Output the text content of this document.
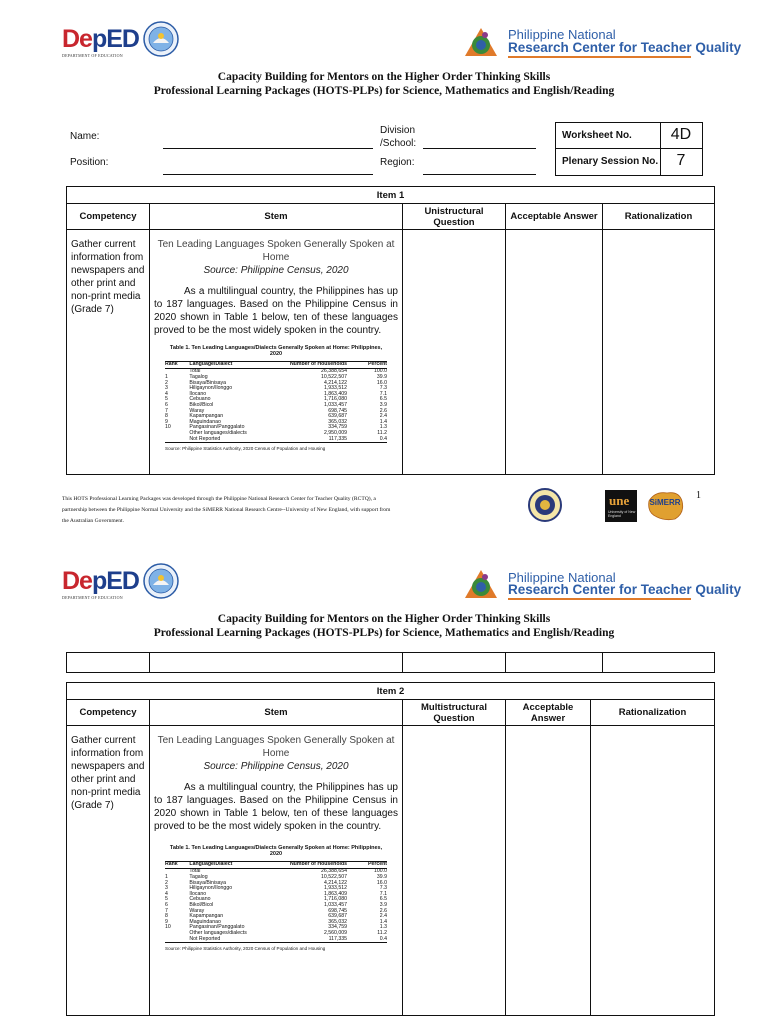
DepED
DEPARTMENT OF EDUCATION
Philippine National
Research Center for Teacher Quality
Capacity Building for Mentors on the Higher Order Thinking Skills
Professional Learning Packages (HOTS-PLPs) for Science, Mathematics and English/Reading
Name:
Position:
Division
/School:
Region:
Worksheet No.	4D
Plenary Session No.	7
Item 1
Competency	Stem	Unistructural Question	Acceptable Answer	Rationalization
Gather current information from newspapers and other print and non-print media (Grade 7)	
Ten Leading Languages Spoken Generally Spoken at Home
Source: Philippine Census, 2020
As a multilingual country, the Philippines has up to 187 languages. Based on the Philippine Census in 2020 shown in Table 1 below, ten of these languages proved to be the most widely spoken in the country.
Table 1. Ten Leading Languages/Dialects Generally Spoken at Home: Philippines, 2020
Rank	Language/Dialect	Number of Households	Percent
	Total	26,388,654	100.0
1	Tagalog	10,522,507	39.9
2	Bisaya/Binisaya	4,214,122	16.0
3	Hiligaynon/Ilonggo	1,933,512	7.3
4	Ilocano	1,863,409	7.1
5	Cebuano	1,716,080	6.5
6	Bikol/Bicol	1,033,457	3.9
7	Waray	698,745	2.6
8	Kapampangan	639,687	2.4
9	Maguindanao	365,032	1.4
10	Pangasinan/Panggalato	334,759	1.3
	Other languages/dialects	2,950,009	11.2
	Not Reported	117,335	0.4
Source: Philippine Statistics Authority, 2020 Census of Population and Housing

This HOTS Professional Learning Packages was developed through the Philippine National Research Center for Teacher Quality (RCTQ), a partnership between the Philippine Normal University and the SiMERR National Research Centre--University of New England, with support from the Australian Government.
une
University of New England
SiMERR
1
DepED
DEPARTMENT OF EDUCATION
Philippine National
Research Center for Teacher Quality
Capacity Building for Mentors on the Higher Order Thinking Skills
Professional Learning Packages (HOTS-PLPs) for Science, Mathematics and English/Reading

Item 2
Competency	Stem	Multistructural Question	Acceptable Answer	Rationalization
Gather current information from newspapers and other print and non-print media (Grade 7)	
Ten Leading Languages Spoken Generally Spoken at Home
Source: Philippine Census, 2020
As a multilingual country, the Philippines has up to 187 languages. Based on the Philippine Census in 2020 shown in Table 1 below, ten of these languages proved to be the most widely spoken in the country.
Table 1. Ten Leading Languages/Dialects Generally Spoken at Home: Philippines, 2020
Rank	Language/Dialect	Number of Households	Percent
	Total	26,388,654	100.0
1	Tagalog	10,522,507	39.9
2	Bisaya/Binisaya	4,214,122	16.0
3	Hiligaynon/Ilonggo	1,933,512	7.3
4	Ilocano	1,863,409	7.1
5	Cebuano	1,716,080	6.5
6	Bikol/Bicol	1,033,457	3.9
7	Waray	698,745	2.6
8	Kapampangan	639,687	2.4
9	Maguindanao	365,032	1.4
10	Pangasinan/Panggalato	334,759	1.3
	Other languages/dialects	2,560,009	11.2
	Not Reported	117,335	0.4
Source: Philippine Statistics Authority, 2020 Census of Population and Housing
